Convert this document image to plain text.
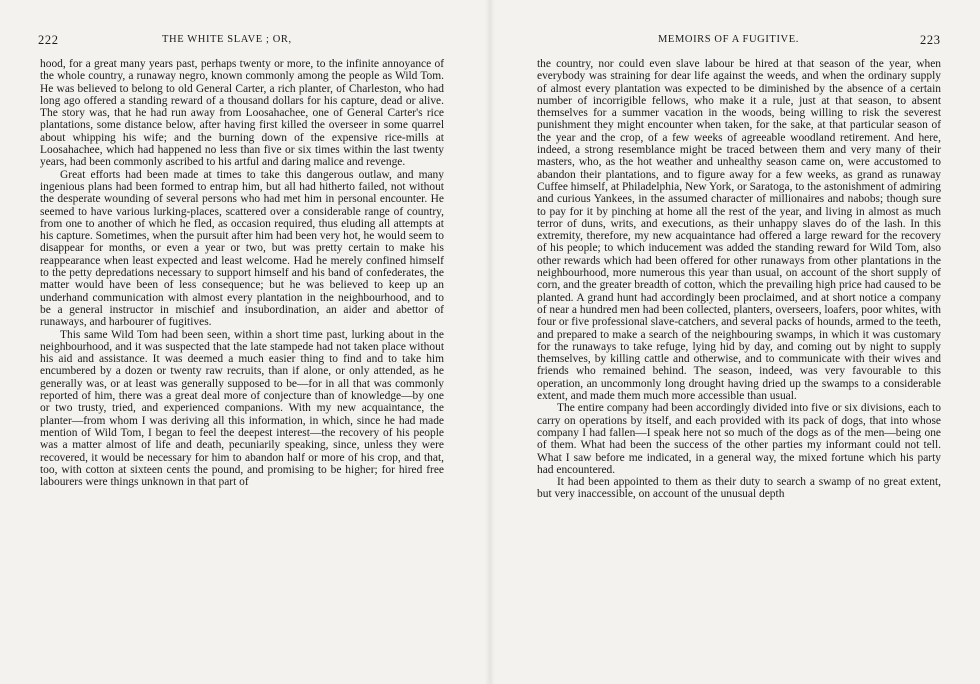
222	THE WHITE SLAVE ; OR,

hood, for a great many years past, perhaps twenty or more, to the infinite annoyance of the whole country, a runaway negro, known commonly among the people as Wild Tom. He was believed to belong to old General Carter, a rich planter, of Charleston, who had long ago offered a standing reward of a thousand dollars for his capture, dead or alive. The story was, that he had run away from Loosahachee, one of General Carter's rice plantations, some distance below, after having first killed the overseer in some quarrel about whipping his wife; and the burning down of the expensive rice-mills at Loosahachee, which had happened no less than five or six times within the last twenty years, had been commonly ascribed to his artful and daring malice and revenge.

Great efforts had been made at times to take this dangerous outlaw, and many ingenious plans had been formed to entrap him, but all had hitherto failed, not without the desperate wounding of several persons who had met him in personal encounter. He seemed to have various lurking-places, scattered over a considerable range of country, from one to another of which he fled, as occasion required, thus eluding all attempts at his capture. Sometimes, when the pursuit after him had been very hot, he would seem to disappear for months, or even a year or two, but was pretty certain to make his reappearance when least expected and least welcome. Had he merely confined himself to the petty depredations necessary to support himself and his band of confederates, the matter would have been of less consequence; but he was believed to keep up an underhand communication with almost every plantation in the neighbourhood, and to be a general instructor in mischief and insubordination, an aider and abettor of runaways, and harbourer of fugitives.

This same Wild Tom had been seen, within a short time past, lurking about in the neighbourhood, and it was suspected that the late stampede had not taken place without his aid and assistance. It was deemed a much easier thing to find and to take him encumbered by a dozen or twenty raw recruits, than if alone, or only attended, as he generally was, or at least was generally supposed to be—for in all that was commonly reported of him, there was a great deal more of conjecture than of knowledge—by one or two trusty, tried, and experienced companions. With my new acquaintance, the planter—from whom I was deriving all this information, in which, since he had made mention of Wild Tom, I began to feel the deepest interest—the recovery of his people was a matter almost of life and death, pecuniarily speaking, since, unless they were recovered, it would be necessary for him to abandon half or more of his crop, and that, too, with cotton at sixteen cents the pound, and promising to be higher; for hired free labourers were things unknown in that part of

MEMOIRS OF A FUGITIVE.	223

the country, nor could even slave labour be hired at that season of the year, when everybody was straining for dear life against the weeds, and when the ordinary supply of almost every plantation was expected to be diminished by the absence of a certain number of incorrigible fellows, who make it a rule, just at that season, to absent themselves for a summer vacation in the woods, being willing to risk the severest punishment they might encounter when taken, for the sake, at that particular season of the year and the crop, of a few weeks of agreeable woodland retirement. And here, indeed, a strong resemblance might be traced between them and very many of their masters, who, as the hot weather and unhealthy season came on, were accustomed to abandon their plantations, and to figure away for a few weeks, as grand as runaway Cuffee himself, at Philadelphia, New York, or Saratoga, to the astonishment of admiring and curious Yankees, in the assumed character of millionaires and nabobs; though sure to pay for it by pinching at home all the rest of the year, and living in almost as much terror of duns, writs, and executions, as their unhappy slaves do of the lash. In this extremity, therefore, my new acquaintance had offered a large reward for the recovery of his people; to which inducement was added the standing reward for Wild Tom, also other rewards which had been offered for other runaways from other plantations in the neighbourhood, more numerous this year than usual, on account of the short supply of corn, and the greater breadth of cotton, which the prevailing high price had caused to be planted. A grand hunt had accordingly been proclaimed, and at short notice a company of near a hundred men had been collected, planters, overseers, loafers, poor whites, with four or five professional slave-catchers, and several packs of hounds, armed to the teeth, and prepared to make a search of the neighbouring swamps, in which it was customary for the runaways to take refuge, lying hid by day, and coming out by night to supply themselves, by killing cattle and otherwise, and to communicate with their wives and friends who remained behind. The season, indeed, was very favourable to this operation, an uncommonly long drought having dried up the swamps to a considerable extent, and made them much more accessible than usual.

The entire company had been accordingly divided into five or six divisions, each to carry on operations by itself, and each provided with its pack of dogs, that into whose company I had fallen—I speak here not so much of the dogs as of the men—being one of them. What had been the success of the other parties my informant could not tell. What I saw before me indicated, in a general way, the mixed fortune which his party had encountered.

It had been appointed to them as their duty to search a swamp of no great extent, but very inaccessible, on account of the unusual depth
